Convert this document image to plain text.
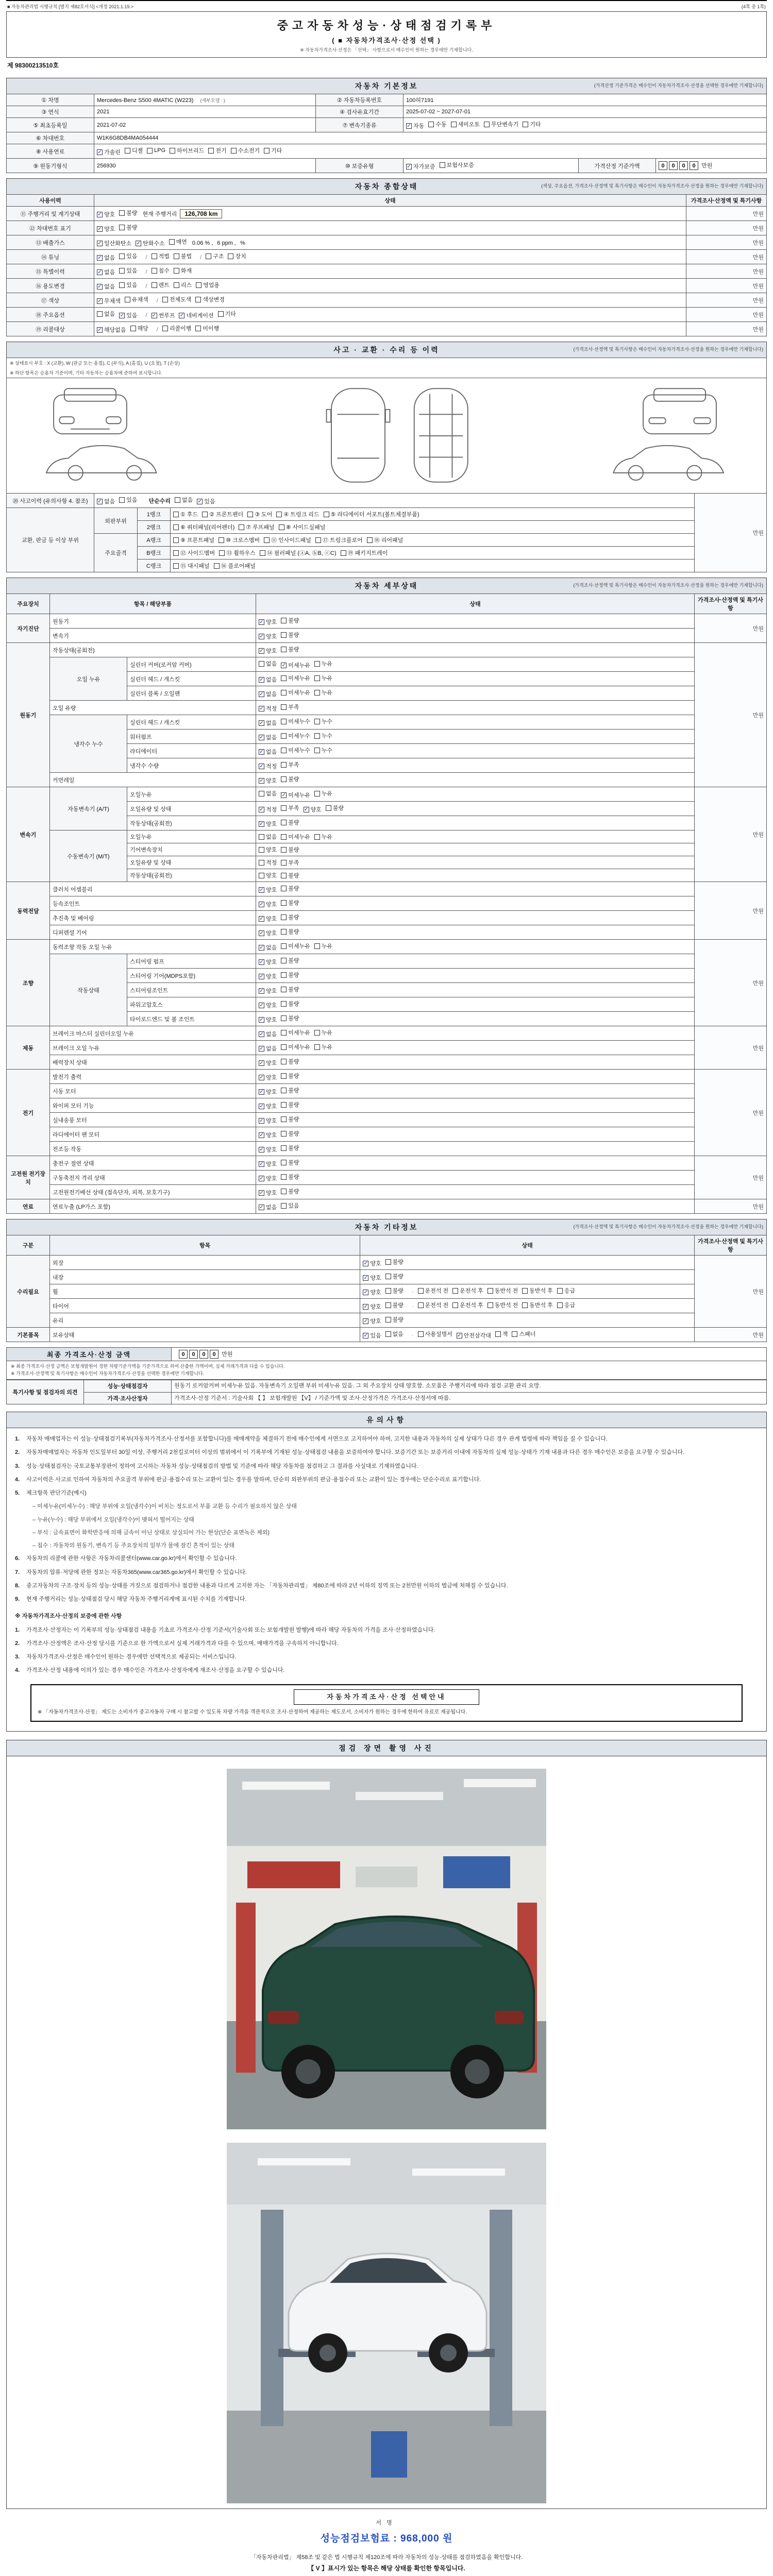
■ 자동차관리법 시행규칙 [별지 제82호서식] <개정 2021.1.19.>	(4쪽 중 1쪽)
중고자동차성능·상태점검기록부
( ■ 자동차가격조사·산정 선택 )
※ 자동차가격조사·산정은 「선택」 사항으로서 매수인이 원하는 경우에만 기재합니다.
제 98300213510호
자동차 기본정보	(가격산정 기준가격은 매수인이 자동차가격조사·산정을 선택한 경우에만 기재합니다)
① 차명	Mercedes-Benz S500 4MATIC (W223) (세부모델 : )	② 자동차등록번호	100허7191		
③ 연식	2021	④ 검사유효기간	2025-07-02 ~ 2027-07-01		
⑤ 최초등록일	2021-07-02	⑦ 변속기종류	✓ 자동 수동 세미오토 무단변속기 기타

⑥ 차대번호	W1K6G8DB4MA054444				
⑧ 사용연료	✓ 가솔린 디젤 LPG 하이브리드 전기 수소전기 기타

⑨ 원동기형식	256930	⑩ 보증유형	✓ 자가보증 보험사보증	가격산정 기준가액	0 0 0 0 만원
자동차 종합상태	(색상, 주요옵션, 가격조사·산정액 및 특기사항은 매수인이 자동차가격조사·산정을 원하는 경우에만 기재합니다)
사용이력	상태	가격조사·산정액 및 특기사항
⑪ 주행거리 및 계기상태	✓ 양호 불량 현재 주행거리 126,708 km	만원
⑫ 차대번호 표기	✓ 양호 불량	만원
⑬ 배출가스	✓ 일산화탄소 ✓ 탄화수소 매연 0.06 % , 6 ppm , %	만원
⑭ 튜닝	✓ 없음 있음 / 적법 불법 / 구조 장치	만원
⑮ 특별이력	✓ 없음 있음 / 침수 화재	만원
⑯ 용도변경	✓ 없음 있음 / 렌트 리스 영업용	만원
⑰ 색상	✓ 무채색 유채색 / 전체도색 색상변경	만원
⑱ 주요옵션	없음 ✓ 있음 / ✓ 썬루프 ✓ 네비게이션 기타	만원
⑲ 리콜대상	✓ 해당없음 해당 / 리콜이행 미이행	만원
사고 · 교환 · 수리 등 이력	(가격조사·산정액 및 특기사항은 매수인이 자동차가격조사·산정을 원하는 경우에만 기재합니다)
※ 상태표시 부호 : X (교환), W (판금 또는 용접), C (부식), A (흠집), U (요철), T (손상)
※ 하단 항목은 승용차 기준이며, 기타 자동차는 승용차에 준하여 표시합니다.
⑳ 사고이력 (유의사항 4. 참조)	✓ 없음 있음 단순수리 없음 ✓ 있음
	만원
교환, 판금 등 이상 부위	외판부위	1랭크	① 후드 ② 프론트펜더 ③ 도어 ④ 트렁크 리드 ⑤ 라디에이터 서포트(볼트체결부품)	

		2랭크	⑥ 쿼터패널(리어펜더) ⑦ 루프패널 ⑧ 사이드실패널	

	주요골격	A랭크	⑨ 프론트패널 ⑩ 크로스멤버 ⑪ 인사이드패널 ⑰ 트렁크플로어 ⑱ 리어패널	

		B랭크	⑫ 사이드멤버 ⑬ 휠하우스 ⑭ 필러패널 (ⓐA, ⓑB, ⓒC) ⑲ 패키지트레이	

		C랭크	⑮ 대시패널 ⑯ 플로어패널	
자동차 세부상태	(가격조사·산정액 및 특기사항은 매수인이 자동차가격조사·산정을 원하는 경우에만 기재합니다)
주요장치	항목 / 해당부품		상태	가격조사·산정액 및 특기사항
자기진단	원동기		✓ 양호 불량	만원
	변속기		✓ 양호 불량	

원동기	작동상태(공회전)		✓ 양호 불량	만원
	오일 누유	실린더 커버(로커암 커버)	없음 ✓ 미세누유 누유	

		실린더 헤드 / 개스킷	✓ 없음 미세누유 누유	

		실린더 블록 / 오일팬	✓ 없음 미세누유 누유	

	오일 유량		✓ 적정 부족	

	냉각수 누수	실린더 헤드 / 개스킷	✓ 없음 미세누수 누수	

		워터펌프	✓ 없음 미세누수 누수	

		라디에이터	✓ 없음 미세누수 누수	

		냉각수 수량	✓ 적정 부족	

	커먼레일		✓ 양호 불량	

변속기	자동변속기 (A/T)	오일누유	없음 ✓ 미세누유 누유	만원
오일유량 및 상태	✓ 적정 부족 ✓ 양호 불량

		작동상태(공회전)	✓ 양호 불량	

	수동변속기 (M/T)	오일누유	없음 미세누유 누유	

		기어변속장치	양호 불량	

		오일유량 및 상태	적정 부족	

		작동상태(공회전)	양호 불량	

동력전달	클러치 어셈블리		✓ 양호 불량	만원
	등속조인트		✓ 양호 불량	

	추진축 및 베어링		✓ 양호 불량	

	디퍼렌셜 기어		✓ 양호 불량	

조향	동력조향 작동 오일 누유		✓ 없음 미세누유 누유	만원
	작동상태	스티어링 펌프	✓ 양호 불량	

		스티어링 기어(MDPS포함)	✓ 양호 불량	

		스티어링조인트	✓ 양호 불량	

		파워고압호스	✓ 양호 불량	

		타이로드엔드 및 볼 조인트	✓ 양호 불량	

제동	브레이크 마스터 실린더오일 누유		✓ 없음 미세누유 누유	만원
	브레이크 오일 누유		✓ 없음 미세누유 누유	

	배력장치 상태		✓ 양호 불량	

전기	발전기 출력		✓ 양호 불량	만원
	시동 모터		✓ 양호 불량	

	와이퍼 모터 기능		✓ 양호 불량	

	실내송풍 모터		✓ 양호 불량	

	라디에이터 팬 모터		✓ 양호 불량	

	전조등 작동		✓ 양호 불량	

고전원 전기장치	충전구 절연 상태		✓ 양호 불량	만원
	구동축전지 격리 상태		✓ 양호 불량	

	고전원전기배선 상태 (접속단자, 피복, 보호기구)		✓ 양호 불량	

연료	연료누출 (LP가스 포함)		✓ 없음 있음	만원
자동차 기타정보	(가격조사·산정액 및 특기사항은 매수인이 자동차가격조사·산정을 원하는 경우에만 기재합니다)
구분	항목	상태	가격조사·산정액 및 특기사항
수리필요	외장	✓ 양호 불량	만원
	내장	✓ 양호 불량	

휠	✓ 양호 불량 · 운전석 전 운전석 후 동반석 전 동반석 후 응급

타이어	✓ 양호 불량 · 운전석 전 운전석 후 동반석 전 동반석 후 응급

	유리	✓ 양호 불량	

기본품목	보유상태	✓ 있음 없음 · 사용설명서 ✓ 안전삼각대 잭 스패너	만원
최종 가격조사·산정 금액	0 0 0 0 만원
※ 최종 가격조사·산정 금액은 보험개발원이 정한 차량기준가액을 기준가격으로 하여 산출한 가액이며, 실제 거래가격과 다를 수 있습니다.
※ 가격조사·산정액 및 특기사항은 매수인이 자동차가격조사·산정을 선택한 경우에만 기재합니다.
특기사항 및 점검자의 의견	성능·상태점검자	원동기 로커암커버 미세누유 있음. 자동변속기 오일팬 부위 미세누유 있음. 그 외 주요장치 상태 양호함. 소모품은 주행거리에 따라 점검·교환 관리 요망.
	가격·조사산정자	가격조사·산정 기준서 : 기술사회 【 】 보험개발원 【V】 / 기준가액 및 조사·산정가격은 가격조사·산정서에 따름.
유의사항
1.	자동차 매매업자는 이 성능·상태점검기록부(자동차가격조사·산정서를 포함합니다)를 매매계약을 체결하기 전에 매수인에게 서면으로 고지하여야 하며, 고지한 내용과 자동차의 실제 상태가 다른 경우 관계 법령에 따라 책임을 질 수 있습니다.
2.	자동차매매업자는 자동차 인도일부터 30일 이상, 주행거리 2천킬로미터 이상의 범위에서 이 기록부에 기재된 성능·상태점검 내용을 보증하여야 합니다. 보증기간 또는 보증거리 이내에 자동차의 실제 성능·상태가 기재 내용과 다른 경우 매수인은 보증을 요구할 수 있습니다.
3.	성능·상태점검자는 국토교통부장관이 정하여 고시하는 자동차 성능·상태점검의 방법 및 기준에 따라 해당 자동차를 점검하고 그 결과를 사실대로 기재하였습니다.
4.	사고이력은 사고로 인하여 자동차의 주요골격 부위에 판금·용접수리 또는 교환이 있는 경우를 말하며, 단순히 외판부위의 판금·용접수리 또는 교환이 있는 경우에는 단순수리로 표기합니다.
5.	체크항목 판단기준(예시)
– 미세누유(미세누수) : 해당 부위에 오일(냉각수)이 비치는 정도로서 부품 교환 등 수리가 필요하지 않은 상태
– 누유(누수) : 해당 부위에서 오일(냉각수)이 맺혀서 떨어지는 상태
– 부식 : 금속표면이 화학반응에 의해 금속이 아닌 상태로 상실되어 가는 현상(단순 표면녹은 제외)
– 침수 : 자동차의 원동기, 변속기 등 주요장치의 일부가 물에 잠긴 흔적이 있는 상태
6.	자동차의 리콜에 관한 사항은 자동차리콜센터(www.car.go.kr)에서 확인할 수 있습니다.
7.	자동차의 압류·저당에 관한 정보는 자동차365(www.car365.go.kr)에서 확인할 수 있습니다.
8.	중고자동차의 구조·장치 등의 성능·상태를 거짓으로 점검하거나 점검한 내용과 다르게 고지한 자는 「자동차관리법」 제80조에 따라 2년 이하의 징역 또는 2천만원 이하의 벌금에 처해질 수 있습니다.
9.	현재 주행거리는 성능·상태점검 당시 해당 자동차 주행거리계에 표시된 수치를 기재합니다.
※ 자동차가격조사·산정의 보증에 관한 사항
1.	가격조사·산정자는 이 기록부의 성능·상태점검 내용을 기초로 가격조사·산정 기준서(기술사회 또는 보험개발원 발행)에 따라 해당 자동차의 가격을 조사·산정하였습니다.
2.	가격조사·산정액은 조사·산정 당시를 기준으로 한 가액으로서 실제 거래가격과 다를 수 있으며, 매매가격을 구속하지 아니합니다.
3.	자동차가격조사·산정은 매수인이 원하는 경우에만 선택적으로 제공되는 서비스입니다.
4.	가격조사·산정 내용에 이의가 있는 경우 매수인은 가격조사·산정자에게 재조사·산정을 요구할 수 있습니다.
자동차가격조사·산정 선택안내
※ 「자동차가격조사·산정」 제도는 소비자가 중고자동차 구매 시 참고할 수 있도록 차량 가격을 객관적으로 조사·산정하여 제공하는 제도로서, 소비자가 원하는 경우에 한하여 유료로 제공됩니다.
점검 장면 촬영 사진
서명
성능점검보험료 : 968,000 원
「자동차관리법」 제58조 및 같은 법 시행규칙 제120조에 따라 자동차의 성능·상태를 점검하였음을 확인합니다.
【 V 】표시가 있는 항목은 해당 상태를 확인한 항목입니다.
